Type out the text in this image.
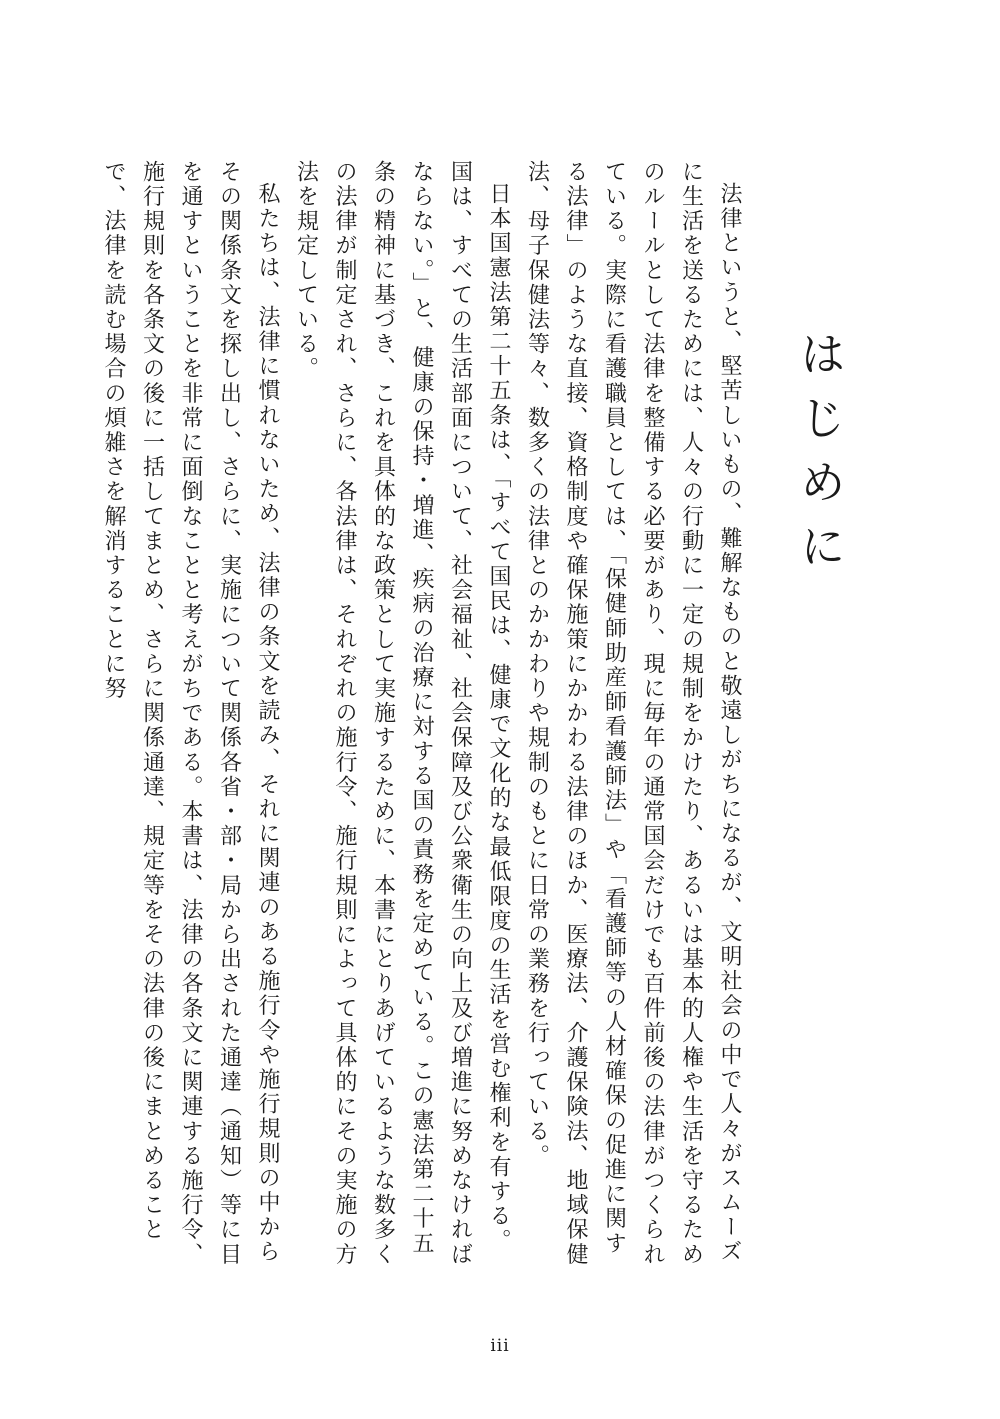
はじめに

法律というと、堅苦しいもの、難解なものと敬遠しがちになるが、文明社会の中で人々がスムーズに生活を送るためには、人々の行動に一定の規制をかけたり、あるいは基本的人権や生活を守るためのルールとして法律を整備する必要があり、現に毎年の通常国会だけでも百件前後の法律がつくられている。実際に看護職員としては、「保健師助産師看護師法」や「看護師等の人材確保の促進に関する法律」のような直接、資格制度や確保施策にかかわる法律のほか、医療法、介護保険法、地域保健法、母子保健法等々、数多くの法律とのかかわりや規制のもとに日常の業務を行っている。

日本国憲法第二十五条は、「すべて国民は、健康で文化的な最低限度の生活を営む権利を有する。国は、すべての生活部面について、社会福祉、社会保障及び公衆衛生の向上及び増進に努めなければならない。」と、健康の保持・増進、疾病の治療に対する国の責務を定めている。この憲法第二十五条の精神に基づき、これを具体的な政策として実施するために、本書にとりあげているような数多くの法律が制定され、さらに、各法律は、それぞれの施行令、施行規則によって具体的にその実施の方法を規定している。

私たちは、法律に慣れないため、法律の条文を読み、それに関連のある施行令や施行規則の中からその関係条文を探し出し、さらに、実施について関係各省・部・局から出された通達（通知）等に目を通すということを非常に面倒なことと考えがちである。本書は、法律の各条文に関連する施行令、施行規則を各条文の後に一括してまとめ、さらに関係通達、規定等をその法律の後にまとめることで、法律を読む場合の煩雑さを解消することに努

iii
